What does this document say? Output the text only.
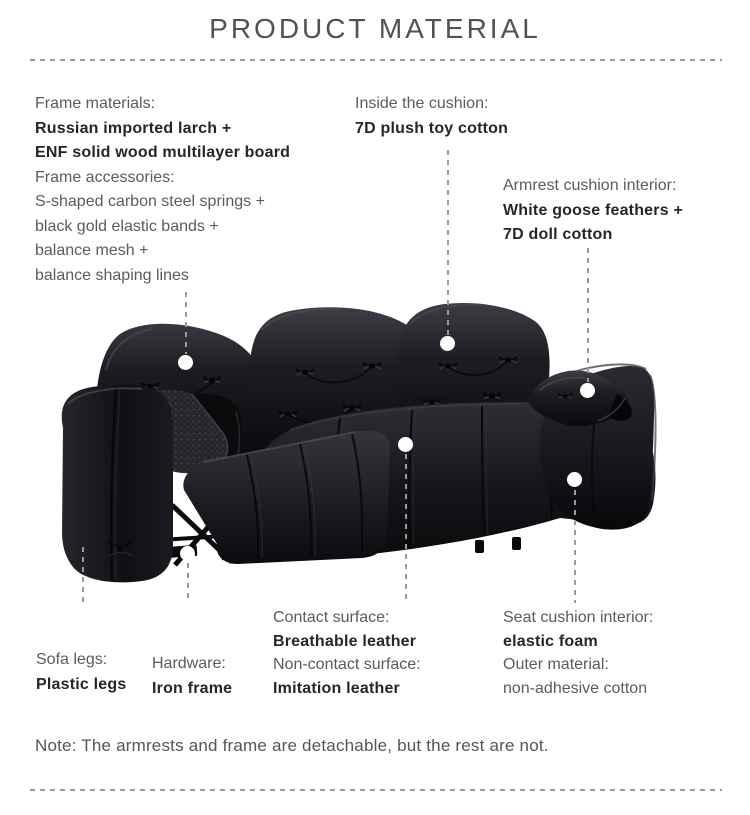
PRODUCT MATERIAL
Frame materials:
Russian imported larch +
ENF solid wood multilayer board
Frame accessories:
S-shaped carbon steel springs +
black gold elastic bands +
balance mesh +
balance shaping lines
Inside the cushion:
7D plush toy cotton
Armrest cushion interior:
White goose feathers +
7D doll cotton
Sofa legs:
Plastic legs
Hardware:
Iron frame
Contact surface:
Breathable leather
Non-contact surface:
Imitation leather
Seat cushion interior:
elastic foam
Outer material:
non-adhesive cotton
Note: The armrests and frame are detachable, but the rest are not.
